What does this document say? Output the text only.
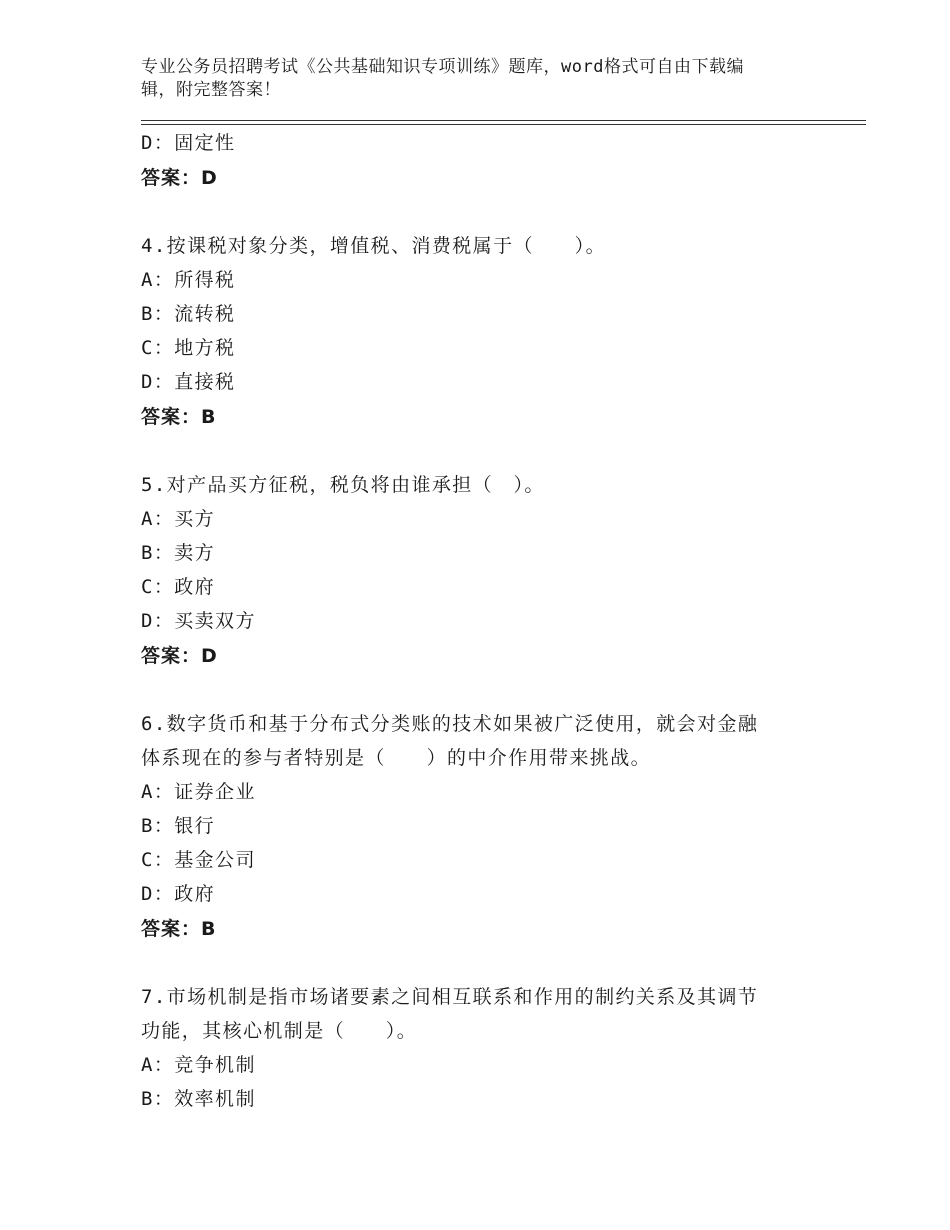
专业公务员招聘考试《公共基础知识专项训练》题库，word格式可自由下载编
辑，附完整答案！
D：固定性
答案：D
4.按课税对象分类，增值税、消费税属于（　　）。
A：所得税
B：流转税
C：地方税
D：直接税
答案：B
5.对产品买方征税，税负将由谁承担（　）。
A：买方
B：卖方
C：政府
D：买卖双方
答案：D
6.数字货币和基于分布式分类账的技术如果被广泛使用，就会对金融
体系现在的参与者特别是（　　）的中介作用带来挑战。
A：证券企业
B：银行
C：基金公司
D：政府
答案：B
7.市场机制是指市场诸要素之间相互联系和作用的制约关系及其调节
功能，其核心机制是（　　）。
A：竞争机制
B：效率机制
